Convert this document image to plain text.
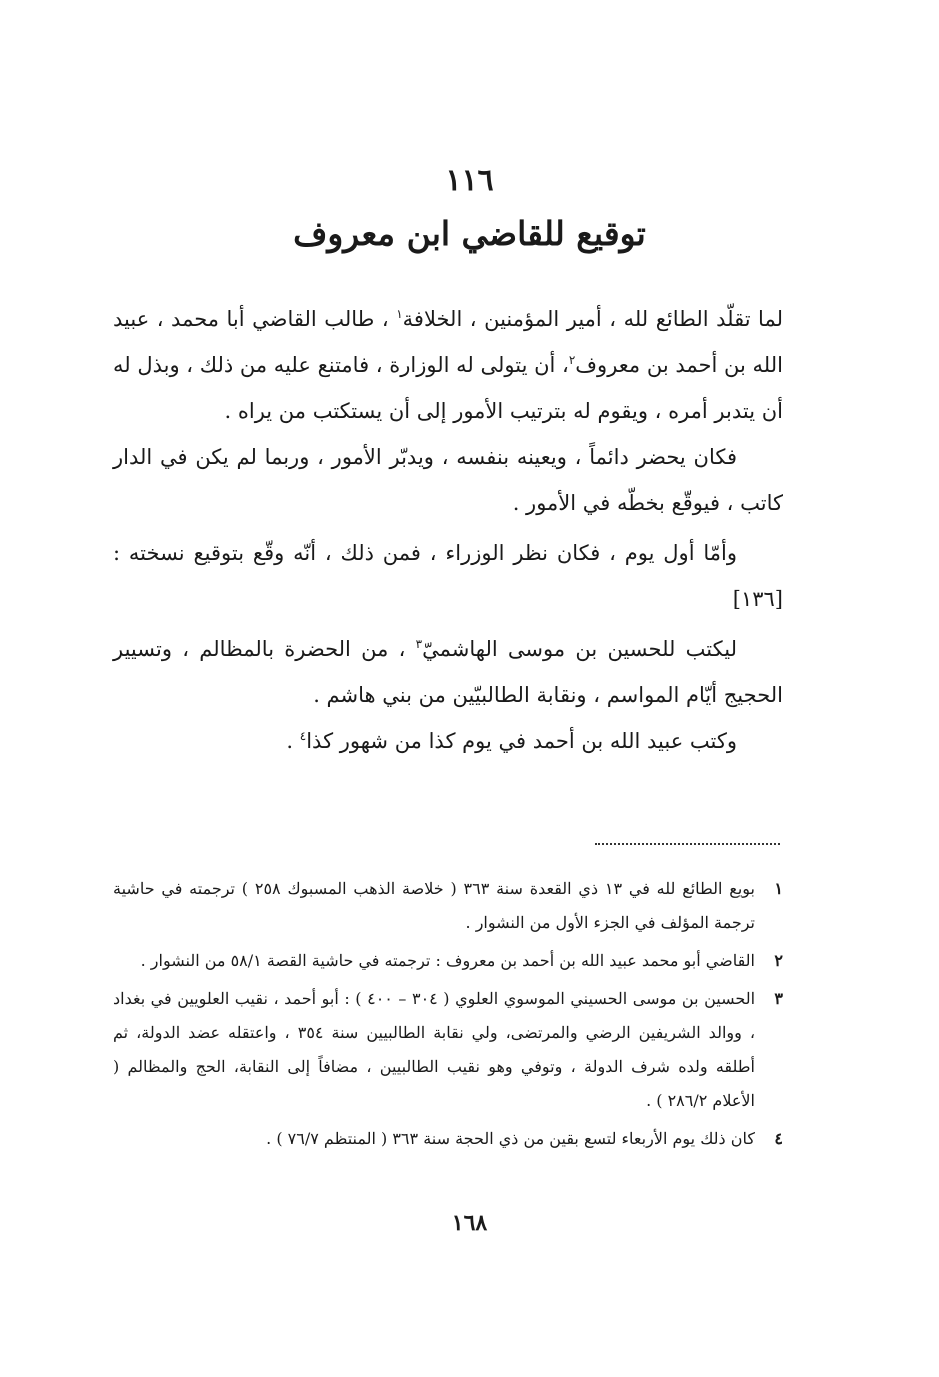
١١٦
توقيع للقاضي ابن معروف

لما تقلّد الطائع لله ، أمير المؤمنين ، الخلافة$^١$ ، طالب القاضي أبا محمد ، عبيد الله بن أحمد بن معروف$^٢$، أن يتولى له الوزارة ، فامتنع عليه من ذلك ، وبذل له أن يتدبر أمره ، ويقوم له بترتيب الأمور إلى أن يستكتب من يراه .

فكان يحضر دائماً ، ويعينه بنفسه ، ويدبّر الأمور ، وربما لم يكن في الدار كاتب ، فيوقّع بخطّه في الأمور .

وأمّا أول يوم ، فكان نظر الوزراء ، فمن ذلك ، أنّه وقّع بتوقيع نسخته : [١٣٦]

ليكتب للحسين بن موسى الهاشميّ$^٣$ ، من الحضرة بالمظالم ، وتسيير الحجيج أيّام المواسم ، ونقابة الطالبيّين من بني هاشم .

وكتب عبيد الله بن أحمد في يوم كذا من شهور كذا$^٤$ .

١
بويع الطائع لله في ١٣ ذي القعدة سنة ٣٦٣ ( خلاصة الذهب المسبوك ٢٥٨ ) ترجمته في حاشية ترجمة المؤلف في الجزء الأول من النشوار .
٢
القاضي أبو محمد عبيد الله بن أحمد بن معروف : ترجمته في حاشية القصة ٥٨/١ من النشوار .
٣
الحسين بن موسى الحسيني الموسوي العلوي ( ٣٠٤ – ٤٠٠ ) : أبو أحمد ، نقيب العلويين في بغداد ، ووالد الشريفين الرضي والمرتضى، ولي نقابة الطالبيين سنة ٣٥٤ ، واعتقله عضد الدولة، ثم أطلقه ولده شرف الدولة ، وتوفي وهو نقيب الطالبيين ، مضافاً إلى النقابة، الحج والمظالم ( الأعلام ٢٨٦/٢ ) .
٤
كان ذلك يوم الأربعاء لتسع بقين من ذي الحجة سنة ٣٦٣ ( المنتظم ٧٦/٧ ) .
١٦٨
